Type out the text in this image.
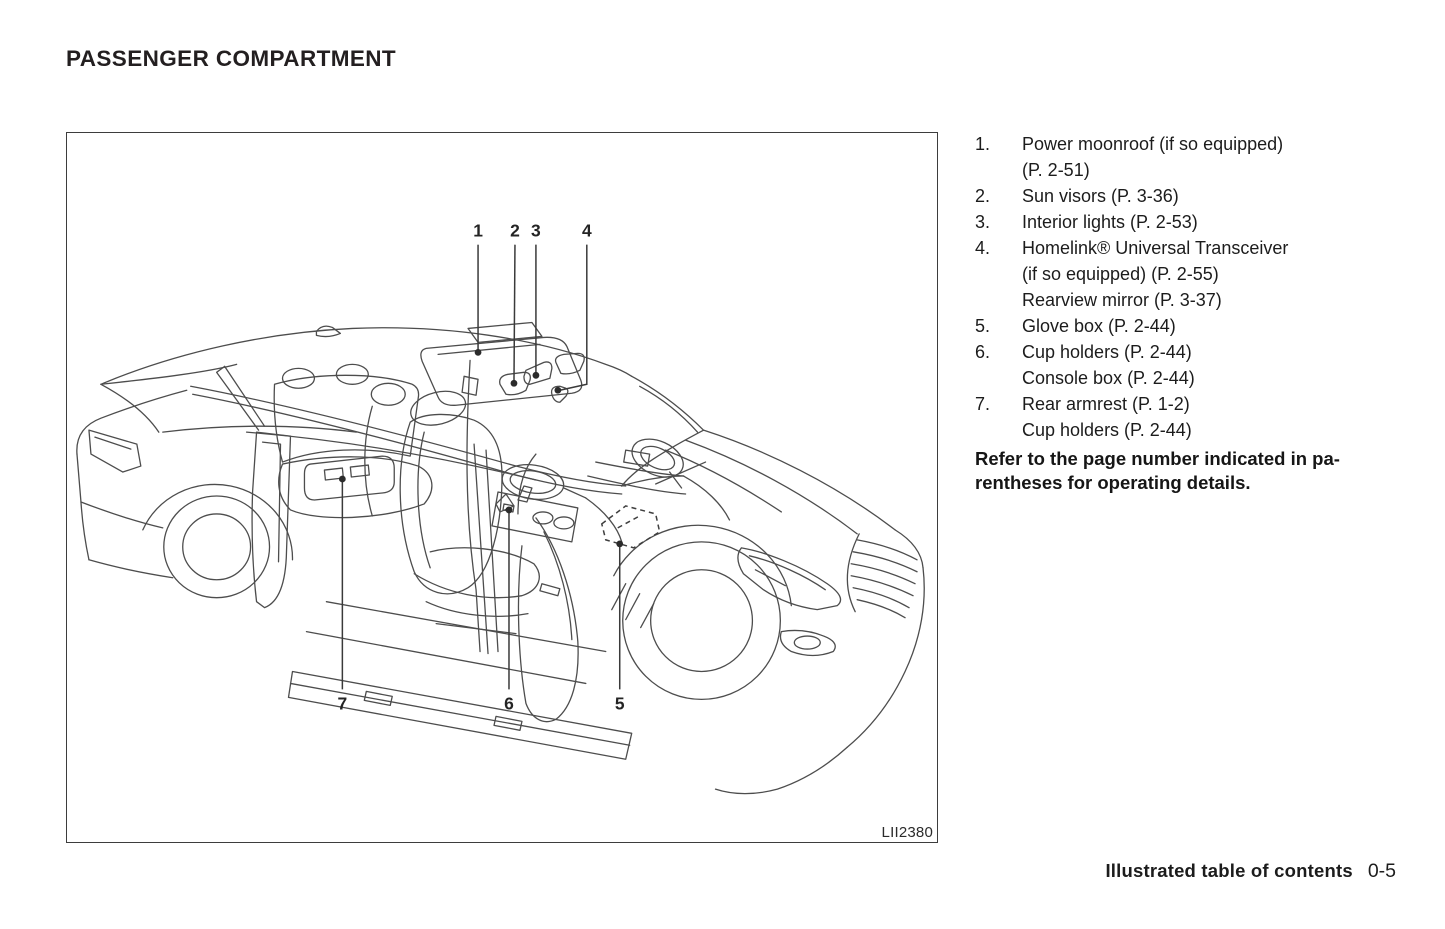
PASSENGER COMPARTMENT
1 2 3 4
7	6	5
LII2380
1.	Power moonroof (if so equipped)
(P. 2-51)
2.	Sun visors (P. 3-36)
3.	Interior lights (P. 2-53)
4.	Homelink® Universal Transceiver
(if so equipped) (P. 2-55)
Rearview mirror (P. 3-37)
5.	Glove box (P. 2-44)
6.	Cup holders (P. 2-44)
Console box (P. 2-44)
7.	Rear armrest (P. 1-2)
Cup holders (P. 2-44)
Refer to the page number indicated in pa-
rentheses for operating details.
Illustrated table of contents 0-5
